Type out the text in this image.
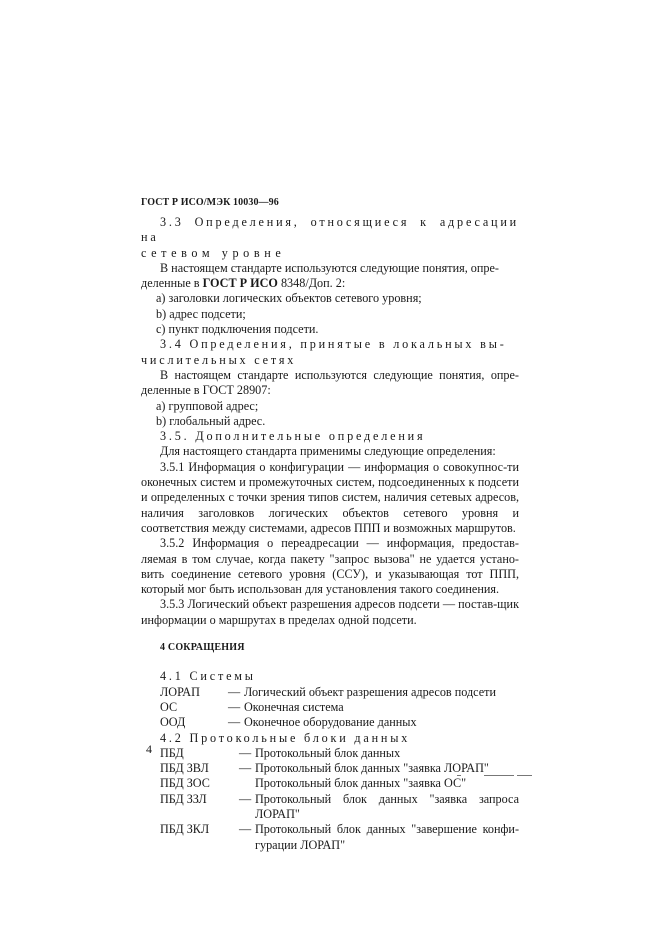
ГОСТ Р ИСО/МЭК 10030—96

3.3 Определения, относящиеся к адресации на

сетевом уровне

В настоящем стандарте используются следующие понятия, опре-

деленные в ГОСТ Р ИСО 8348/Доп. 2:

а) заголовки логических объектов сетевого уровня;

b) адрес подсети;

с) пункт подключения подсети.

3.4 Определения, принятые в локальных вы-

числительных сетях

В настоящем стандарте используются следующие понятия, опре-деленные в ГОСТ 28907:

а) групповой адрес;

b) глобальный адрес.

3.5. Дополнительные определения

Для настоящего стандарта применимы следующие определения:

3.5.1 Информация о конфигурации — информация о совокупнос-ти оконечных систем и промежуточных систем, подсоединенных к подсети и определенных с точки зрения типов систем, наличия сетевых адресов, наличия заголовков логических объектов сетевого уровня и соответствия между системами, адресов ППП и возможных маршрутов.

3.5.2 Информация о переадресации — информация, предостав-ляемая в том случае, когда пакету "запрос вызова" не удается устано-вить соединение сетевого уровня (ССУ), и указывающая тот ППП, который мог быть использован для установления такого соединения.

3.5.3 Логический объект разрешения адресов подсети — постав-щик информации о маршрутах в пределах одной подсети.

4 СОКРАЩЕНИЯ

4.1 Системы

ЛОРАП	— Логический объект разрешения адресов подсети
ОС	— Оконечная система
ООД	— Оконечное оборудование данных

4.2 Протокольные блоки данных

ПБД	— Протокольный блок данных
ПБД ЗВЛ	— Протокольный блок данных "заявка ЛОРАП"
ПБД ЗОС	Протокольный блок данных "заявка ОС"
ПБД ЗЗЛ	— Протокольный блок данных "заявка запроса ЛОРАП"
ПБД ЗКЛ	— Протокольный блок данных "завершение конфи-гурации ЛОРАП"
4
